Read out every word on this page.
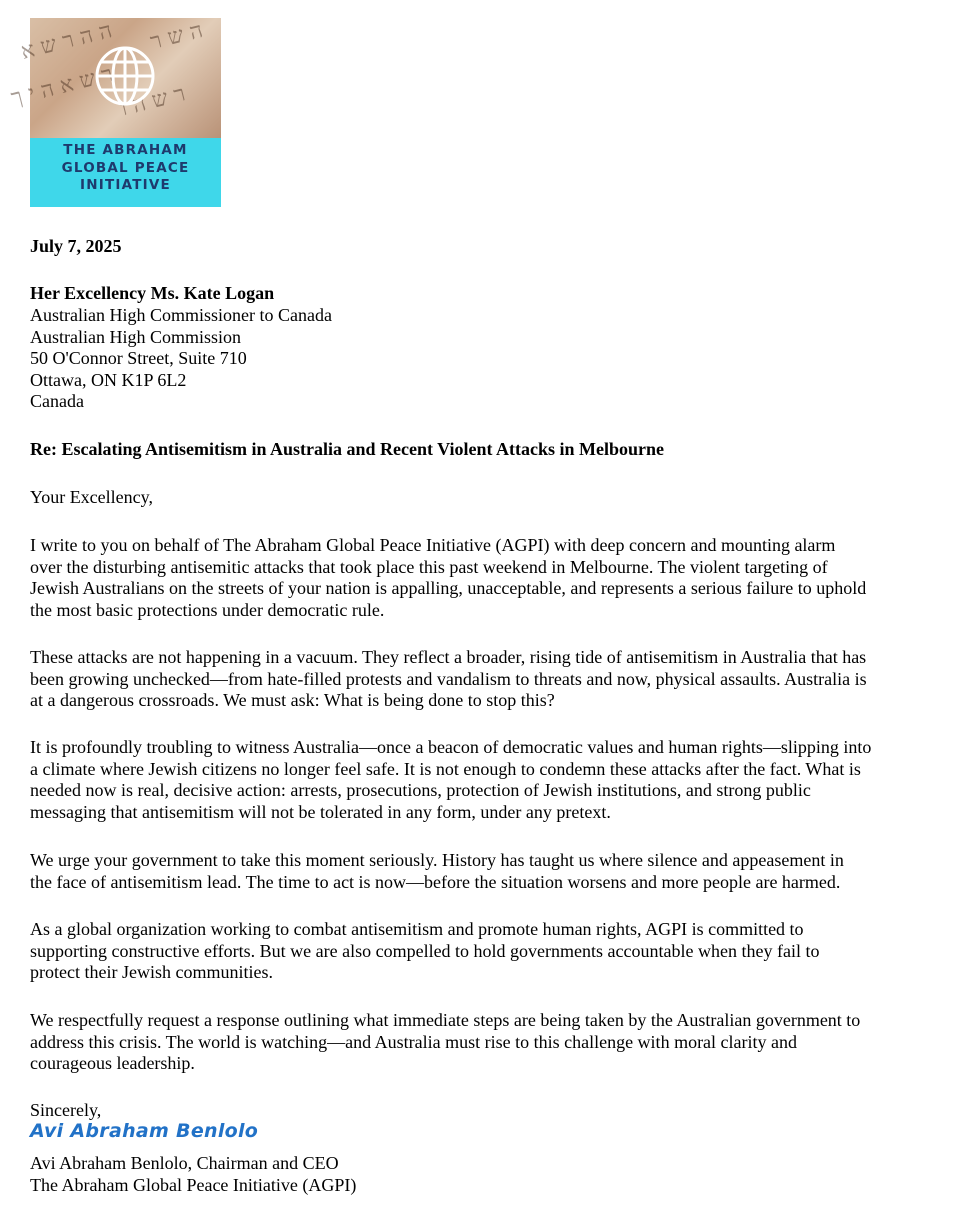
ה ה ר ש א
ר ש א ה י ך ר ש ה ו
ה ש ר
THE ABRAHAM
GLOBAL PEACE
INITIATIVE

July 7, 2025

Her Excellency Ms. Kate Logan

Australian High Commissioner to Canada
Australian High Commission
50 O'Connor Street, Suite 710
Ottawa, ON K1P 6L2
Canada

Re: Escalating Antisemitism in Australia and Recent Violent Attacks in Melbourne

Your Excellency,

I write to you on behalf of The Abraham Global Peace Initiative (AGPI) with deep concern and mounting alarm
over the disturbing antisemitic attacks that took place this past weekend in Melbourne. The violent targeting of
Jewish Australians on the streets of your nation is appalling, unacceptable, and represents a serious failure to uphold
the most basic protections under democratic rule.
These attacks are not happening in a vacuum. They reflect a broader, rising tide of antisemitism in Australia that has
been growing unchecked—from hate-filled protests and vandalism to threats and now, physical assaults. Australia is
at a dangerous crossroads. We must ask: What is being done to stop this?
It is profoundly troubling to witness Australia—once a beacon of democratic values and human rights—slipping into
a climate where Jewish citizens no longer feel safe. It is not enough to condemn these attacks after the fact. What is
needed now is real, decisive action: arrests, prosecutions, protection of Jewish institutions, and strong public
messaging that antisemitism will not be tolerated in any form, under any pretext.
We urge your government to take this moment seriously. History has taught us where silence and appeasement in
the face of antisemitism lead. The time to act is now—before the situation worsens and more people are harmed.
As a global organization working to combat antisemitism and promote human rights, AGPI is committed to
supporting constructive efforts. But we are also compelled to hold governments accountable when they fail to
protect their Jewish communities.
We respectfully request a response outlining what immediate steps are being taken by the Australian government to
address this crisis. The world is watching—and Australia must rise to this challenge with moral clarity and
courageous leadership.

Sincerely,

Avi Abraham Benlolo
Avi Abraham Benlolo, Chairman and CEO
The Abraham Global Peace Initiative (AGPI)
